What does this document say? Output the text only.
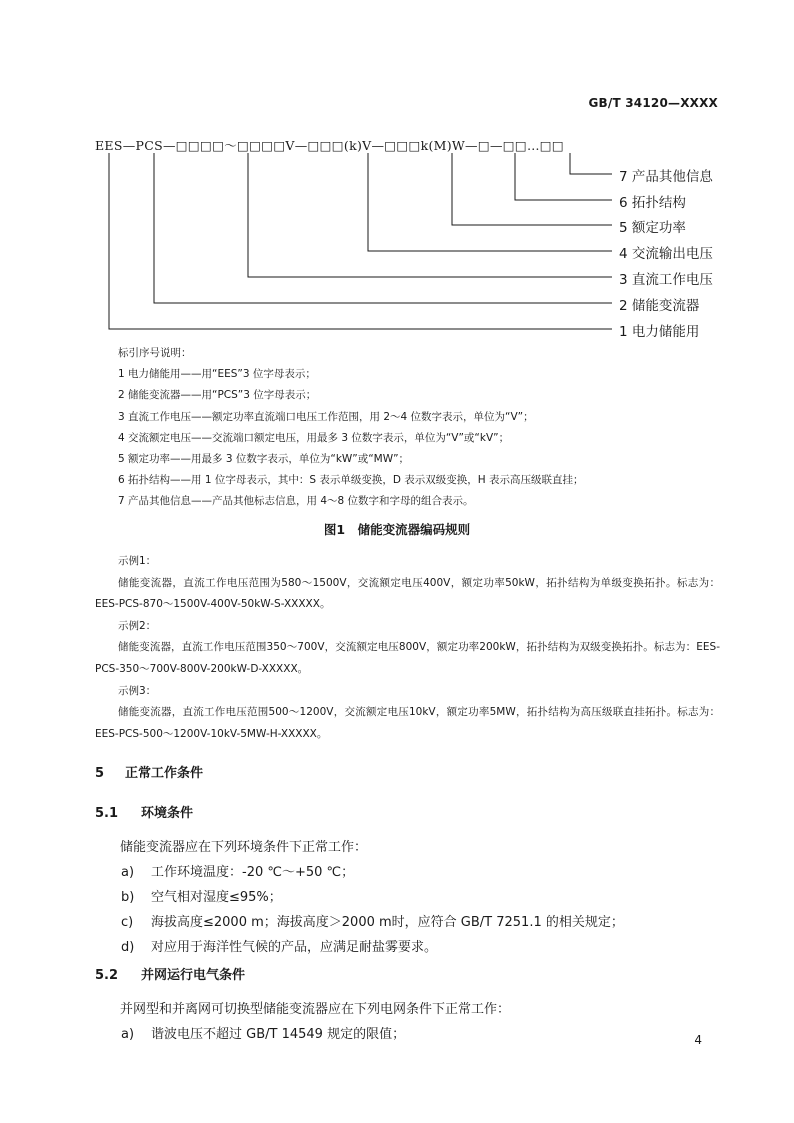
GB/T 34120—XXXX
EES—PCS—□□□□～□□□□V—□□□(k)V—□□□k(M)W—□—□□…□□
7 产品其他信息
6 拓扑结构
5 额定功率
4 交流输出电压
3 直流工作电压
2 储能变流器
1 电力储能用
标引序号说明：
1 电力储能用——用“EES”3 位字母表示；
2 储能变流器——用“PCS”3 位字母表示；
3 直流工作电压——额定功率直流端口电压工作范围，用 2～4 位数字表示，单位为“V”；
4 交流额定电压——交流端口额定电压，用最多 3 位数字表示，单位为“V”或“kV”；
5 额定功率——用最多 3 位数字表示，单位为“kW”或“MW”；
6 拓扑结构——用 1 位字母表示，其中：S 表示单级变换，D 表示双级变换，H 表示高压级联直挂；
7 产品其他信息——产品其他标志信息，用 4～8 位数字和字母的组合表示。
图1　储能变流器编码规则
示例1：
储能变流器，直流工作电压范围为580～1500V，交流额定电压400V，额定功率50kW，拓扑结构为单级变换拓扑。标志为：EES-PCS-870～1500V-400V-50kW-S-XXXXX。
示例2：
储能变流器，直流工作电压范围350～700V，交流额定电压800V，额定功率200kW，拓扑结构为双级变换拓扑。标志为：EES-PCS-350～700V-800V-200kW-D-XXXXX。
示例3：
储能变流器，直流工作电压范围500～1200V，交流额定电压10kV，额定功率5MW，拓扑结构为高压级联直挂拓扑。标志为：EES-PCS-500～1200V-10kV-5MW-H-XXXXX。
5 正常工作条件
5.1 环境条件
储能变流器应在下列环境条件下正常工作：
a) 工作环境温度：-20 ℃～+50 ℃；
b) 空气相对湿度≤95%；
c) 海拔高度≤2000 m；海拔高度＞2000 m时，应符合 GB/T 7251.1 的相关规定；
d) 对应用于海洋性气候的产品，应满足耐盐雾要求。
5.2 并网运行电气条件
并网型和并离网可切换型储能变流器应在下列电网条件下正常工作：
a) 谐波电压不超过 GB/T 14549 规定的限值；	4
